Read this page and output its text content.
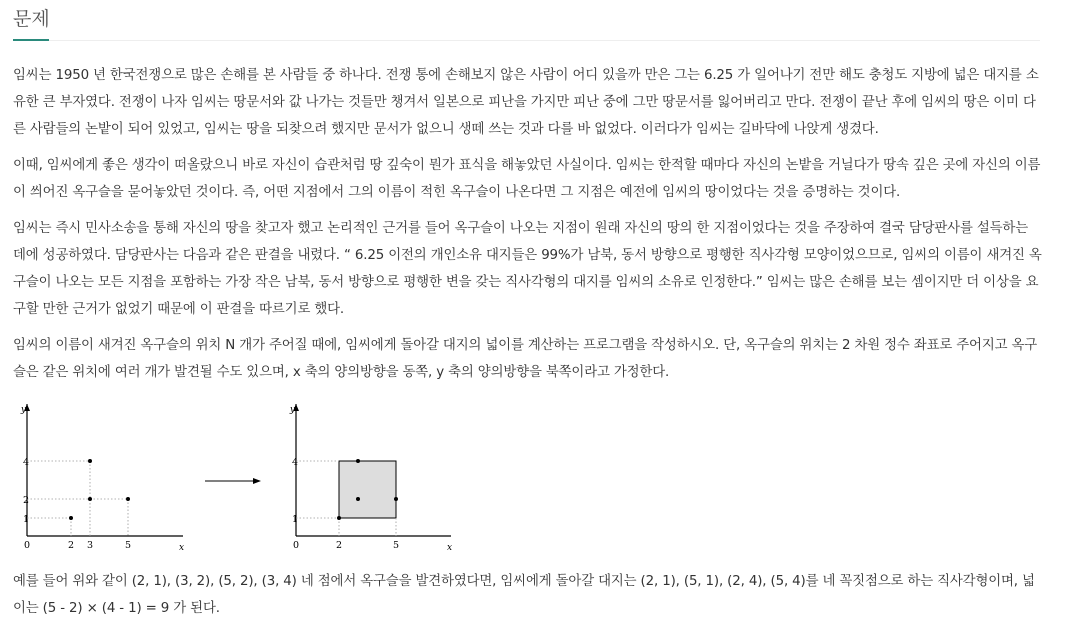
문제
임씨는 1950 년 한국전쟁으로 많은 손해를 본 사람들 중 하나다. 전쟁 통에 손해보지 않은 사람이 어디 있을까 만은 그는 6.25 가 일어나기 전만 해도 충청도 지방에 넓은 대지를 소유한 큰 부자였다. 전쟁이 나자 임씨는 땅문서와 값 나가는 것들만 챙겨서 일본으로 피난을 가지만 피난 중에 그만 땅문서를 잃어버리고 만다. 전쟁이 끝난 후에 임씨의 땅은 이미 다른 사람들의 논밭이 되어 있었고, 임씨는 땅을 되찾으려 했지만 문서가 없으니 생떼 쓰는 것과 다를 바 없었다. 이러다가 임씨는 길바닥에 나앉게 생겼다.
이때, 임씨에게 좋은 생각이 떠올랐으니 바로 자신이 습관처럼 땅 깊숙이 뭔가 표식을 해놓았던 사실이다. 임씨는 한적할 때마다 자신의 논밭을 거닐다가 땅속 깊은 곳에 자신의 이름이 씌어진 옥구슬을 묻어놓았던 것이다. 즉, 어떤 지점에서 그의 이름이 적힌 옥구슬이 나온다면 그 지점은 예전에 임씨의 땅이었다는 것을 증명하는 것이다.
임씨는 즉시 민사소송을 통해 자신의 땅을 찾고자 했고 논리적인 근거를 들어 옥구슬이 나오는 지점이 원래 자신의 땅의 한 지점이었다는 것을 주장하여 결국 담당판사를 설득하는 데에 성공하였다. 담당판사는 다음과 같은 판결을 내렸다. “ 6.25 이전의 개인소유 대지들은 99%가 남북, 동서 방향으로 평행한 직사각형 모양이었으므로, 임씨의 이름이 새겨진 옥구슬이 나오는 모든 지점을 포함하는 가장 작은 남북, 동서 방향으로 평행한 변을 갖는 직사각형의 대지를 임씨의 소유로 인정한다.” 임씨는 많은 손해를 보는 셈이지만 더 이상을 요구할 만한 근거가 없었기 때문에 이 판결을 따르기로 했다.
임씨의 이름이 새겨진 옥구슬의 위치 N 개가 주어질 때에, 임씨에게 돌아갈 대지의 넓이를 계산하는 프로그램을 작성하시오. 단, 옥구슬의 위치는 2 차원 정수 좌표로 주어지고 옥구슬은 같은 위치에 여러 개가 발견될 수도 있으며, x 축의 양의방향을 동쪽, y 축의 양의방향을 북쪽이라고 가정한다.
y
x
4
2
1
0	2 3	5
y
x
4
1
0	2	5
예를 들어 위와 같이 (2, 1), (3, 2), (5, 2), (3, 4) 네 점에서 옥구슬을 발견하였다면, 임씨에게 돌아갈 대지는 (2, 1), (5, 1), (2, 4), (5, 4)를 네 꼭짓점으로 하는 직사각형이며, 넓이는 (5 - 2) × (4 - 1) = 9 가 된다.
